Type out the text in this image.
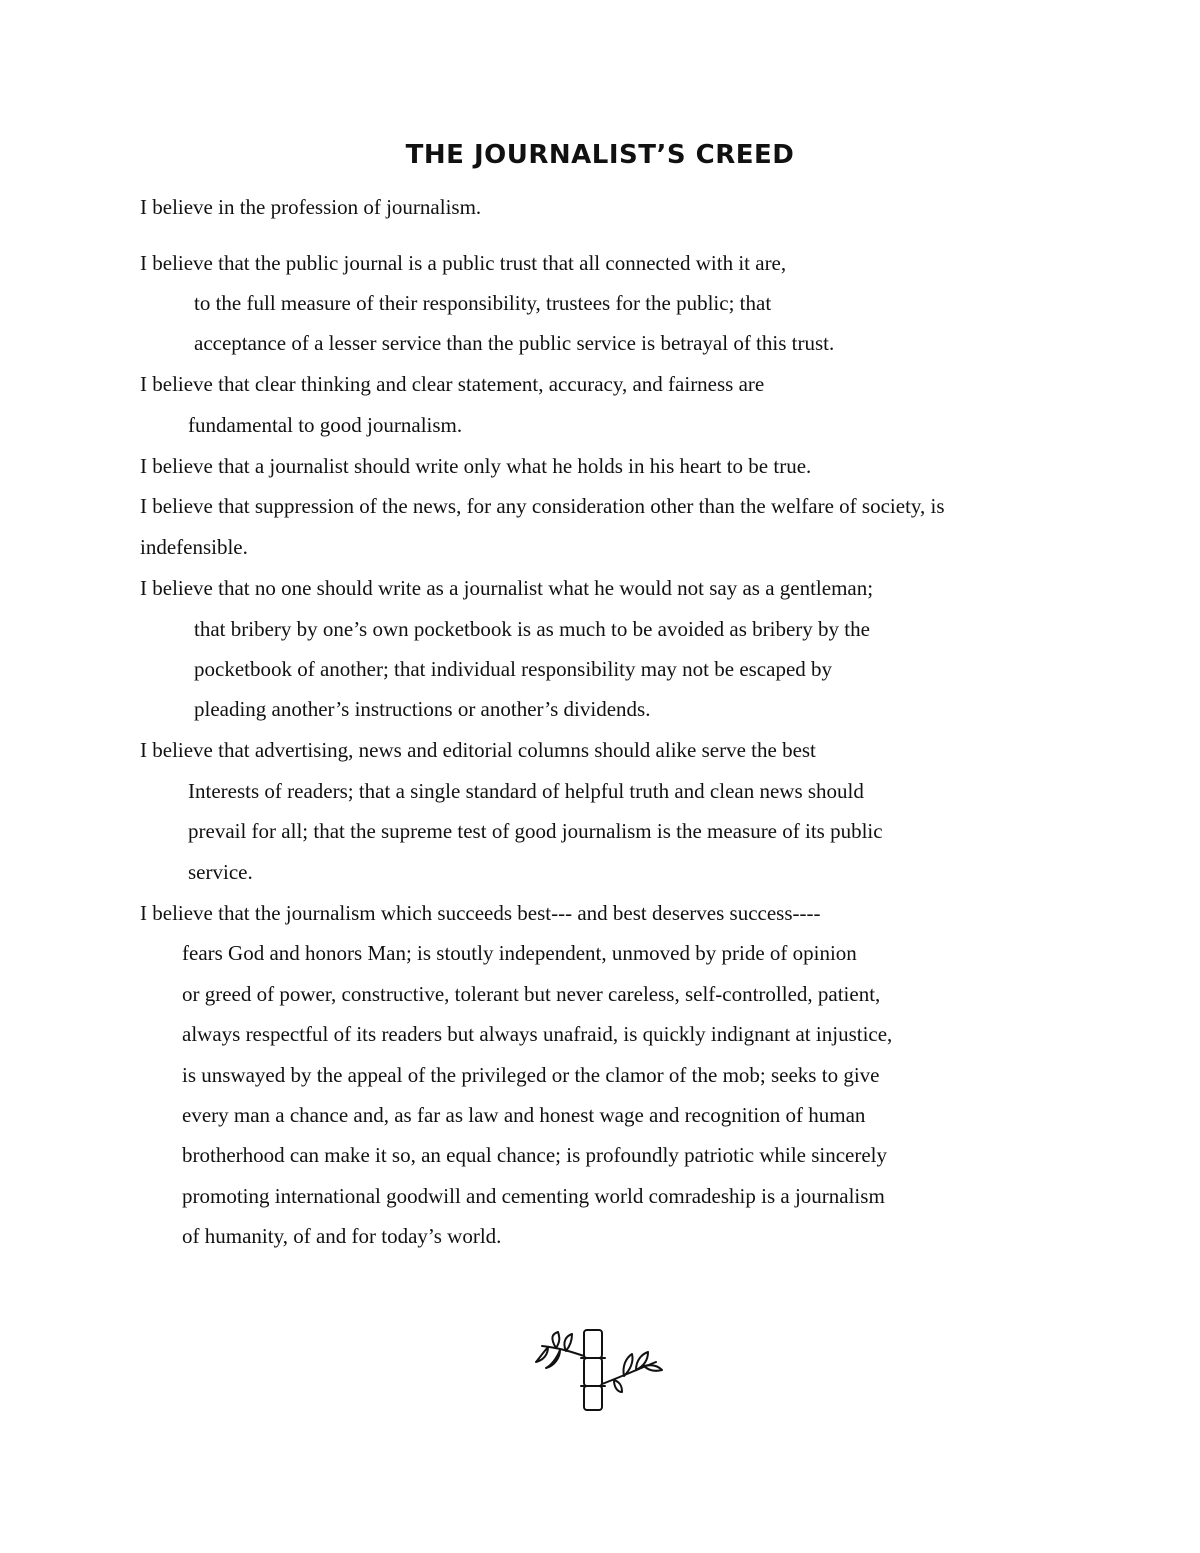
THE JOURNALIST’S CREED

I believe in the profession of journalism.

I believe that the public journal is a public trust that all connected with it are,

to the full measure of their responsibility, trustees for the public; that

acceptance of a lesser service than the public service is betrayal of this trust.

I believe that clear thinking and clear statement, accuracy, and fairness are

fundamental to good journalism.

I believe that a journalist should write only what he holds in his heart to be true.

I believe that suppression of the news, for any consideration other than the welfare of society, is

indefensible.

I believe that no one should write as a journalist what he would not say as a gentleman;

that bribery by one’s own pocketbook is as much to be avoided as bribery by the

pocketbook of another; that individual responsibility may not be escaped by

pleading another’s instructions or another’s dividends.

I believe that advertising, news and editorial columns should alike serve the best

Interests of readers; that a single standard of helpful truth and clean news should

prevail for all; that the supreme test of good journalism is the measure of its public

service.

I believe that the journalism which succeeds best--- and best deserves success----

fears God and honors Man; is stoutly independent, unmoved by pride of opinion

or greed of power, constructive, tolerant but never careless, self-controlled, patient,

always respectful of its readers but always unafraid, is quickly indignant at injustice,

is unswayed by the appeal of the privileged or the clamor of the mob; seeks to give

every man a chance and, as far as law and honest wage and recognition of human

brotherhood can make it so, an equal chance; is profoundly patriotic while sincerely

promoting international goodwill and cementing world comradeship is a journalism

of humanity, of and for today’s world.
